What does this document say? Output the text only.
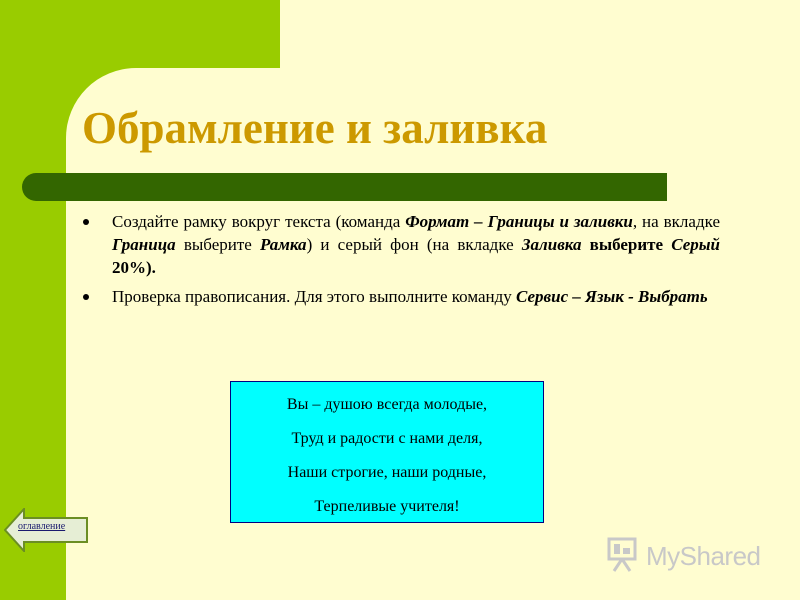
Обрамление и заливка
Создайте рамку вокруг текста (команда Формат – Границы и заливки, на вкладке Граница выберите Рамка) и серый фон (на вкладке Заливка выберите Серый 20%).
Проверка правописания. Для этого выполните команду Сервис – Язык - Выбрать
Вы – душою всегда молодые,
Труд и радости с нами деля,
Наши строгие, наши родные,
Терпеливые учителя!
оглавление
MyShared
